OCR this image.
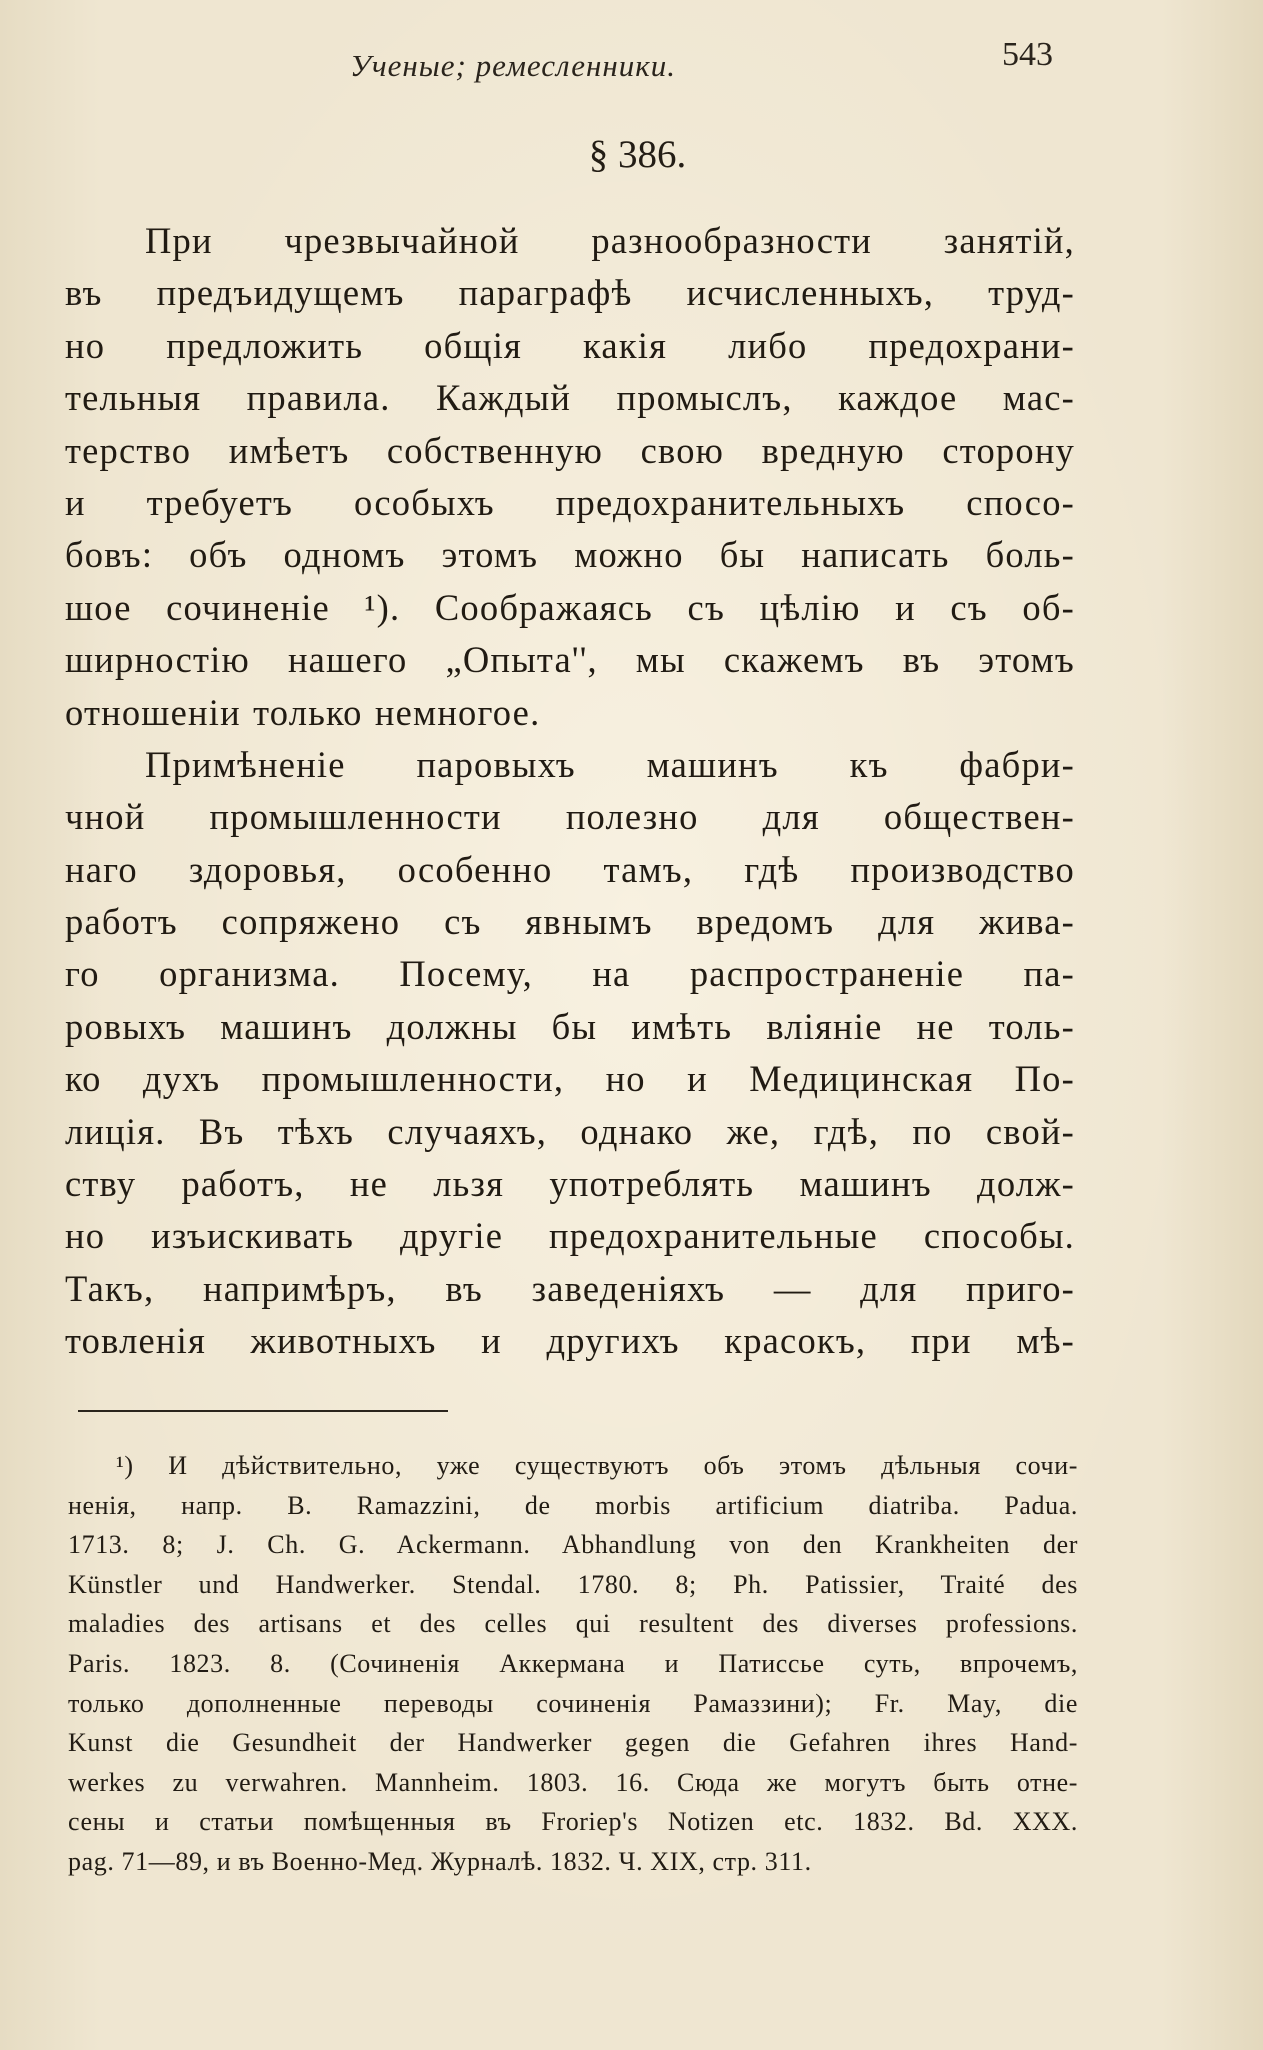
Учeные; ремесленники.	543
§ 386.
При чрезвычайной разнообразности занятій,
въ предъидущемъ параграфѣ исчисленныхъ, труд-
но предложить общія какія либо предохрани-
тельныя правила. Каждый промыслъ, каждое мас-
терство имѣетъ собственную свою вредную сторону
и требуетъ особыхъ предохранительныхъ спосо-
бовъ: объ одномъ этомъ можно бы написать боль-
шое сочиненіе ¹). Соображаясь съ цѣлію и съ об-
ширностію нашего „Опыта'', мы скажемъ въ этомъ
отношеніи только немногое.
Примѣненіе паровыхъ машинъ къ фабри-
чной промышленности полезно для обществен-
наго здоровья, особенно тамъ, гдѣ производство
работъ сопряжено съ явнымъ вредомъ для жива-
го организма. Посему, на распространеніе па-
ровыхъ машинъ должны бы имѣть вліяніе не толь-
ко духъ промышленности, но и Медицинская По-
лиція. Въ тѣхъ случаяхъ, однако же, гдѣ, по свой-
ству работъ, не льзя употреблять машинъ долж-
но изъискивать другіе предохранительные способы.
Такъ, напримѣръ, въ заведеніяхъ — для приго-
товленія животныхъ и другихъ красокъ, при мѣ-
¹) И дѣйствительно, уже существуютъ объ этомъ дѣльныя сочи-
ненія, напр. B. Ramazzini, de morbis artificium diatriba. Padua.
1713. 8; J. Ch. G. Ackermann. Abhandlung von den Krankheiten der
Künstler und Handwerker. Stendal. 1780. 8; Ph. Patissier, Traité des
maladies des artisans et des celles qui resultent des diverses professions.
Paris. 1823. 8. (Сочиненія Аккермана и Патиссье суть, впрочемъ,
только дополненные переводы сочиненія Рамаззини); Fr. May, die
Kunst die Gesundheit der Handwerker gegen die Gefahren ihres Hand-
werkes zu verwahren. Mannheim. 1803. 16. Сюда же могутъ быть отне-
сены и статьи помѣщенныя въ Froriep's Notizen etc. 1832. Bd. XXX.
pag. 71—89, и въ Военно-Мед. Журналѣ. 1832. Ч. XIX, стр. 311.
